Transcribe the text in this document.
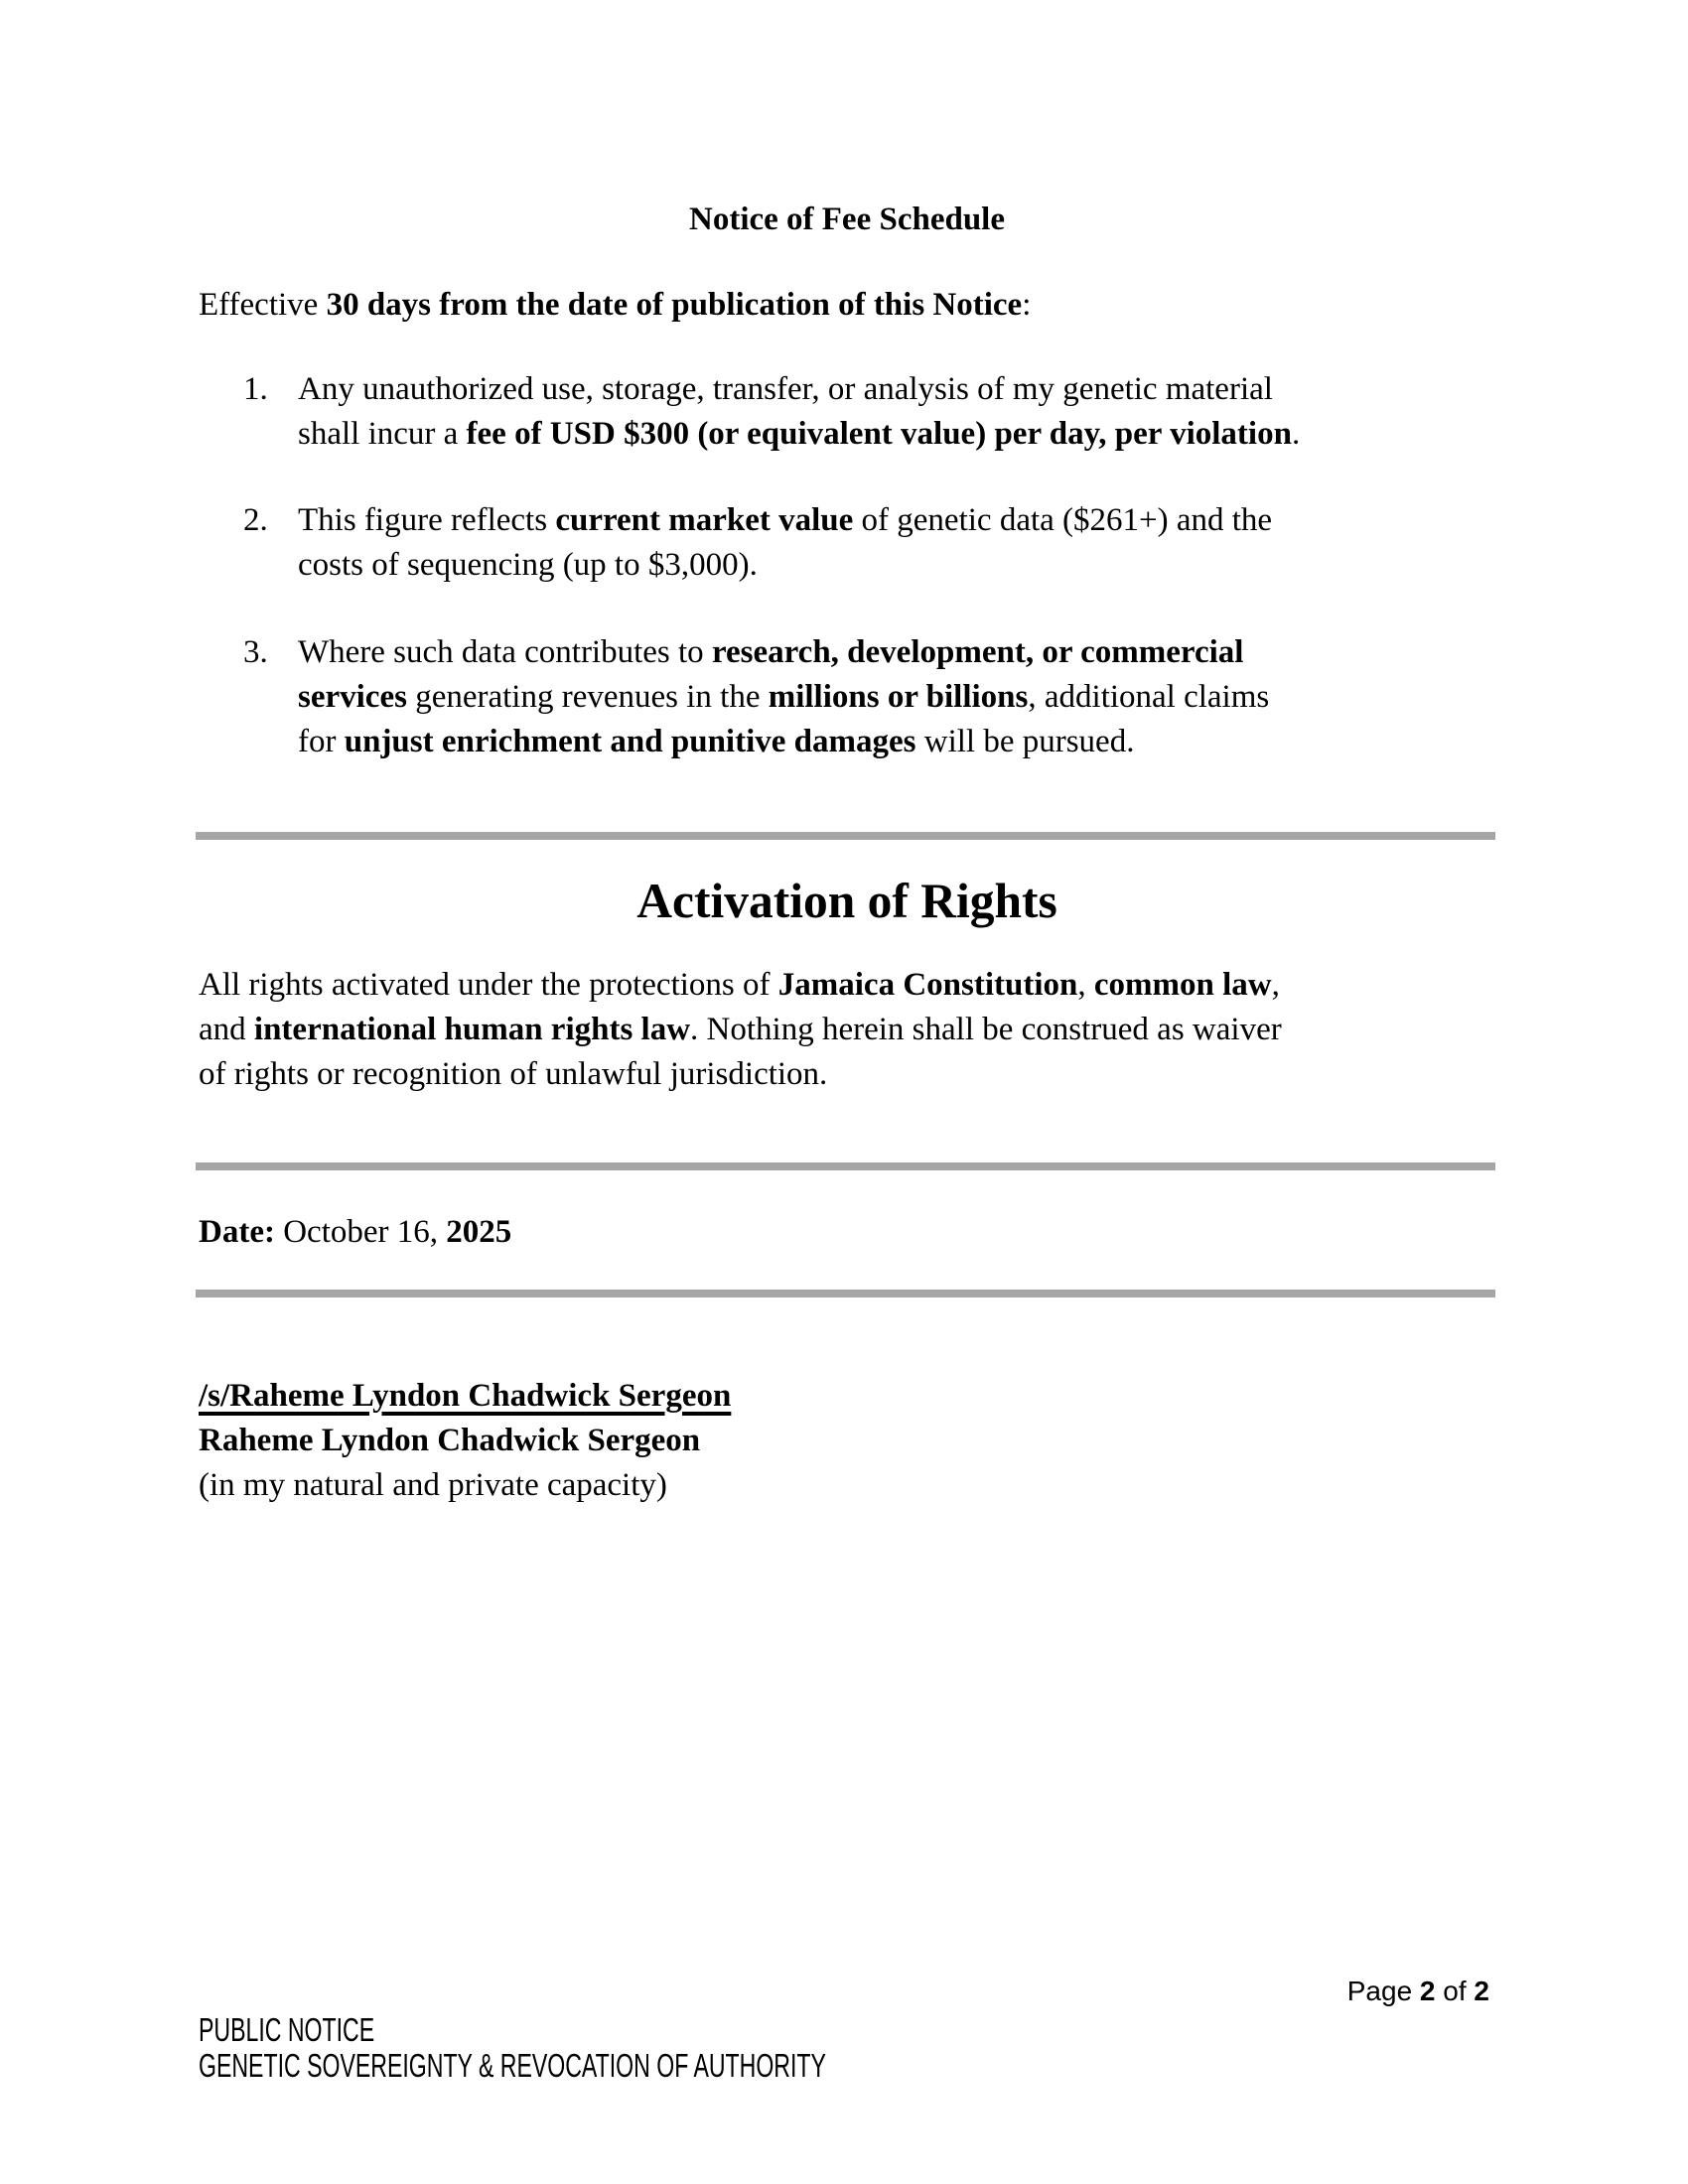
Notice of Fee Schedule

Effective 30 days from the date of publication of this Notice:

1. Any unauthorized use, storage, transfer, or analysis of my genetic material
shall incur a fee of USD $300 (or equivalent value) per day, per violation.
2. This figure reflects current market value of genetic data ($261+) and the
costs of sequencing (up to $3,000).
3. Where such data contributes to research, development, or commercial
services generating revenues in the millions or billions, additional claims
for unjust enrichment and punitive damages will be pursued.
Activation of Rights

All rights activated under the protections of Jamaica Constitution, common law,
and international human rights law. Nothing herein shall be construed as waiver
of rights or recognition of unlawful jurisdiction.

Date: October 16, 2025

/s/Raheme Lyndon Chadwick Sergeon

Raheme Lyndon Chadwick Sergeon

(in my natural and private capacity)

Page 2 of 2
PUBLIC NOTICE
GENETIC SOVEREIGNTY & REVOCATION OF AUTHORITY
